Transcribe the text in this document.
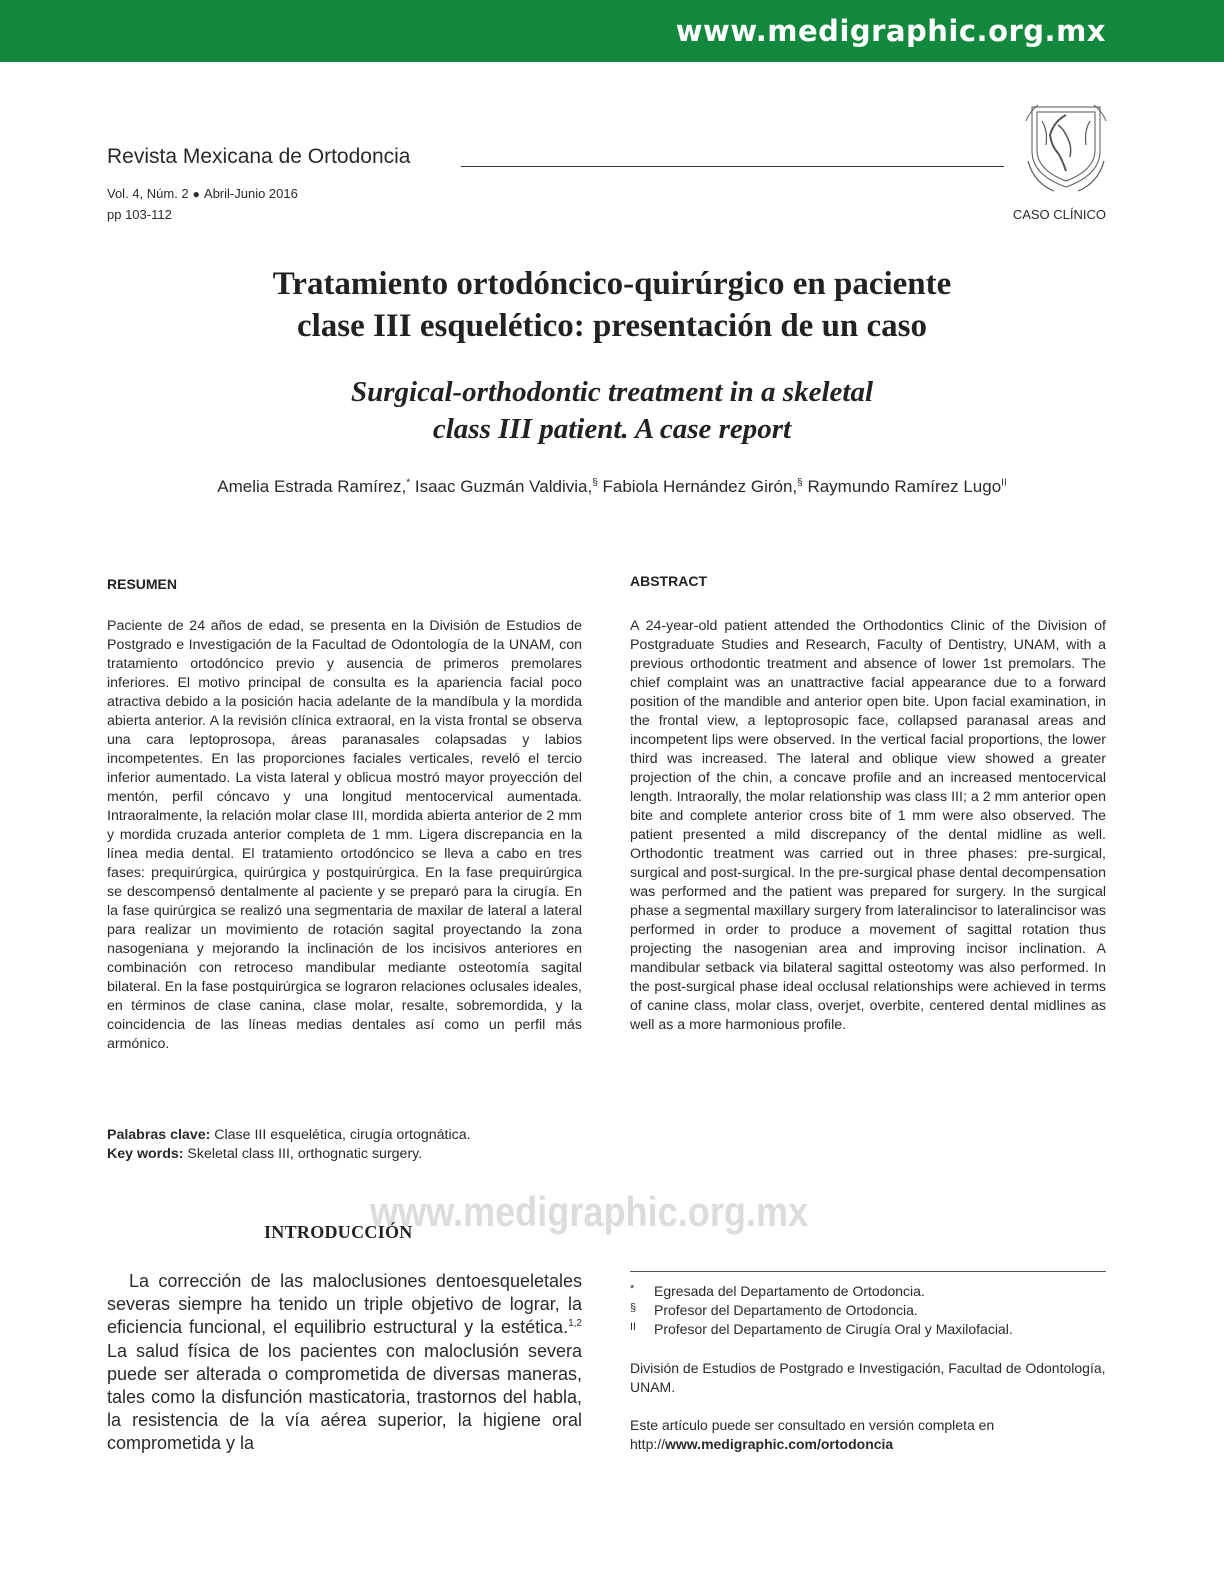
www.medigraphic.org.mx
Revista Mexicana de Ortodoncia
Vol. 4, Núm. 2 ● Abril-Junio 2016
pp 103-112	CASO CLÍNICO
Tratamiento ortodóncico-quirúrgico en paciente
clase III esquelético: presentación de un caso
Surgical-orthodontic treatment in a skeletal
class III patient. A case report
Amelia Estrada Ramírez,* Isaac Guzmán Valdivia,§ Fabiola Hernández Girón,§ Raymundo Ramírez Lugo$^{II}$
RESUMEN

Paciente de 24 años de edad, se presenta en la División de Estudios de Postgrado e Investigación de la Facultad de Odontología de la UNAM, con tratamiento ortodóncico previo y ausencia de primeros premolares inferiores. El motivo principal de consulta es la apariencia facial poco atractiva debido a la posición hacia adelante de la mandíbula y la mordida abierta anterior. A la revisión clínica extraoral, en la vista frontal se observa una cara leptoprosopa, áreas paranasales colapsadas y labios incompetentes. En las proporciones faciales verticales, reveló el tercio inferior aumentado. La vista lateral y oblicua mostró mayor proyección del mentón, perfil cóncavo y una longitud mentocervical aumentada. Intraoralmente, la relación molar clase III, mordida abierta anterior de 2 mm y mordida cruzada anterior completa de 1 mm. Ligera discrepancia en la línea media dental. El tratamiento ortodóncico se lleva a cabo en tres fases: prequirúrgica, quirúrgica y postquirúrgica. En la fase prequirúrgica se descompensó dentalmente al paciente y se preparó para la cirugía. En la fase quirúrgica se realizó una segmentaria de maxilar de lateral a lateral para realizar un movimiento de rotación sagital proyectando la zona nasogeniana y mejorando la inclinación de los incisivos anteriores en combinación con retroceso mandibular mediante osteotomía sagital bilateral. En la fase postquirúrgica se lograron relaciones oclusales ideales, en términos de clase canina, clase molar, resalte, sobremordida, y la coincidencia de las líneas medias dentales así como un perfil más armónico.

ABSTRACT

A 24-year-old patient attended the Orthodontics Clinic of the Division of Postgraduate Studies and Research, Faculty of Dentistry, UNAM, with a previous orthodontic treatment and absence of lower 1st premolars. The chief complaint was an unattractive facial appearance due to a forward position of the mandible and anterior open bite. Upon facial examination, in the frontal view, a leptoprosopic face, collapsed paranasal areas and incompetent lips were observed. In the vertical facial proportions, the lower third was increased. The lateral and oblique view showed a greater projection of the chin, a concave profile and an increased mentocervical length. Intraorally, the molar relationship was class III; a 2 mm anterior open bite and complete anterior cross bite of 1 mm were also observed. The patient presented a mild discrepancy of the dental midline as well. Orthodontic treatment was carried out in three phases: pre-surgical, surgical and post-surgical. In the pre-surgical phase dental decompensation was performed and the patient was prepared for surgery. In the surgical phase a segmental maxillary surgery from lateralincisor to lateralincisor was performed in order to produce a movement of sagittal rotation thus projecting the nasogenian area and improving incisor inclination. A mandibular setback via bilateral sagittal osteotomy was also performed. In the post-surgical phase ideal occlusal relationships were achieved in terms of canine class, molar class, overjet, overbite, centered dental midlines as well as a more harmonious profile.

Palabras clave: Clase III esquelética, cirugía ortognática.
Key words: Skeletal class III, orthognatic surgery.
www.medigraphic.org.mx
INTRODUCCIÓN

La corrección de las maloclusiones dentoesqueletales severas siempre ha tenido un triple objetivo de lograr, la eficiencia funcional, el equilibrio estructural y la estética.$^{1,2}$ La salud física de los pacientes con maloclusión severa puede ser alterada o comprometida de diversas maneras, tales como la disfunción masticatoria, trastornos del habla, la resistencia de la vía aérea superior, la higiene oral comprometida y la

* Egresada del Departamento de Ortodoncia.
§ Profesor del Departamento de Ortodoncia.
II Profesor del Departamento de Cirugía Oral y Maxilofacial.

División de Estudios de Postgrado e Investigación, Facultad de Odontología, UNAM.

Este artículo puede ser consultado en versión completa en http://www.medigraphic.com/ortodoncia
